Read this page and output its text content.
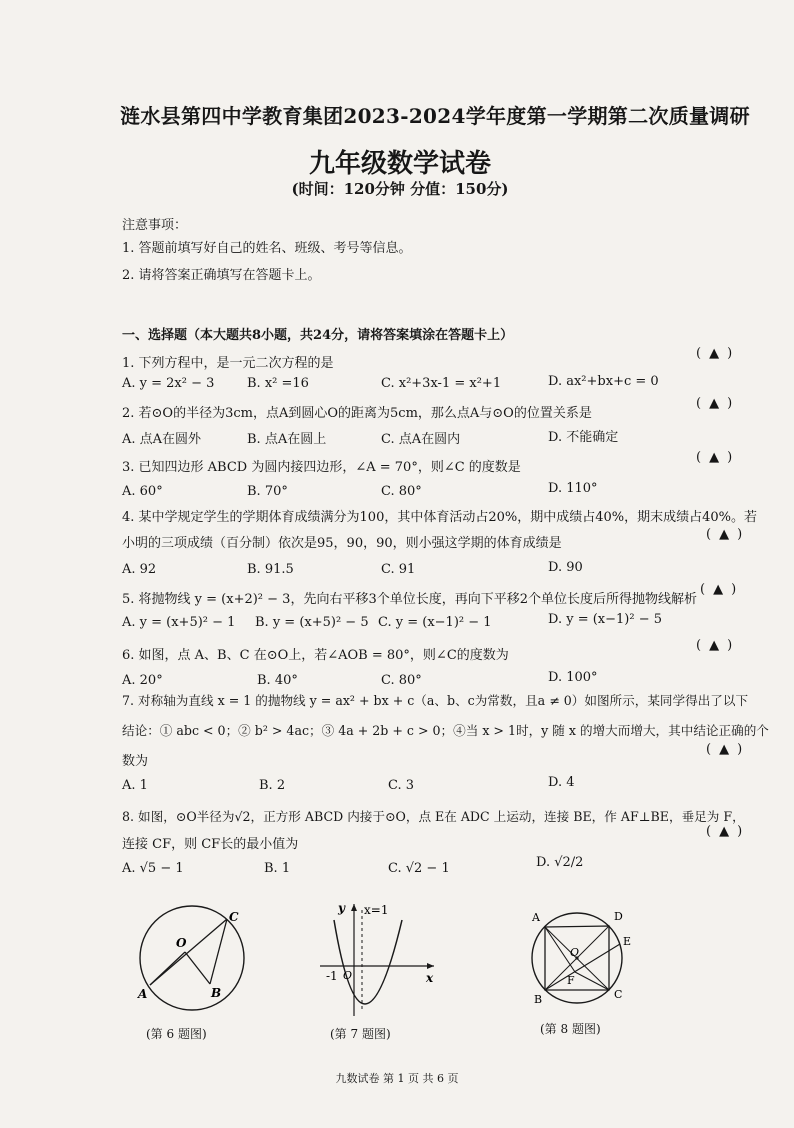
涟水县第四中学教育集团2023-2024学年度第一学期第二次质量调研
九年级数学试卷
(时间：120分钟 分值：150分)
注意事项：
1. 答题前填写好自己的姓名、班级、考号等信息。
2. 请将答案正确填写在答题卡上。
一、选择题（本大题共8小题，共24分，请将答案填涂在答题卡上）
1. 下列方程中，是一元二次方程的是
( ▲ )
A. y = 2x² − 3	B. x² =16	C. x²+3x-1 = x²+1	D. ax²+bx+c = 0
2. 若⊙O的半径为3cm，点A到圆心O的距离为5cm，那么点A与⊙O的位置关系是
( ▲ )
A. 点A在圆外	B. 点A在圆上	C. 点A在圆内	D. 不能确定
3. 已知四边形 ABCD 为圆内接四边形，∠A = 70°，则∠C 的度数是
( ▲ )
A. 60°	B. 70°	C. 80°	D. 110°
4. 某中学规定学生的学期体育成绩满分为100，其中体育活动占20%，期中成绩占40%，期末成绩占40%。若
小明的三项成绩（百分制）依次是95，90，90，则小强这学期的体育成绩是
( ▲ )
A. 92	B. 91.5	C. 91	D. 90
5. 将抛物线 y = (x+2)² − 3，先向右平移3个单位长度，再向下平移2个单位长度后所得抛物线解析
( ▲ )
A. y = (x+5)² − 1 B. y = (x+5)² − 5 C. y = (x−1)² − 1	D. y = (x−1)² − 5
6. 如图，点 A、B、C 在⊙O上，若∠AOB = 80°，则∠C的度数为
( ▲ )
A. 20°	B. 40°	C. 80°	D. 100°
7. 对称轴为直线 x = 1 的抛物线 y = ax² + bx + c（a、b、c为常数，且a ≠ 0）如图所示，某同学得出了以下
结论：① abc < 0；② b² > 4ac；③ 4a + 2b + c > 0；④当 x > 1时，y 随 x 的增大而增大，其中结论正确的个
数为
( ▲ )
A. 1	B. 2	C. 3	D. 4
8. 如图，⊙O半径为√2，正方形 ABCD 内接于⊙O，点 E在 ADC 上运动，连接 BE，作 AF⊥BE，垂足为 F，
连接 CF，则 CF长的最小值为
( ▲ )
A. √5 − 1	B. 1	C. √2 − 1	D. √2/2
O
A	B
C
(第 6 题图)
y x=1
-1 O	x
(第 7 题图)
A	D
E
O
F
B	C
(第 8 题图)
九数试卷 第 1 页 共 6 页
